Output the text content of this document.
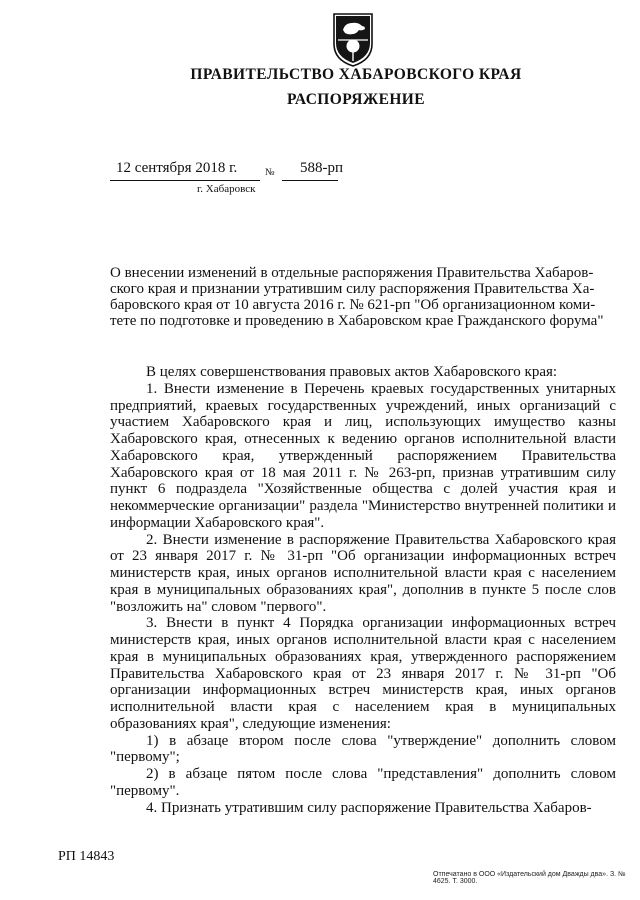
ПРАВИТЕЛЬСТВО ХАБАРОВСКОГО КРАЯ
РАСПОРЯЖЕНИЕ
12 сентября 2018 г.	№ 588-рп
г. Хабаровск
О внесении изменений в отдельные распоряжения Правительства Хабаров-
ского края и признании утратившим силу распоряжения Правительства Ха-
баровского края от 10 августа 2016 г. № 621-рп "Об организационном коми-
тете по подготовке и проведению в Хабаровском крае Гражданского форума"

В целях совершенствования правовых актов Хабаровского края:

1. Внести изменение в Перечень краевых государственных унитарных предприятий, краевых государственных учреждений, иных организаций с участием Хабаровского края и лиц, использующих имущество казны Хабаровского края, отнесенных к ведению органов исполнительной власти Хабаровского края, утвержденный распоряжением Правительства Хабаровского края от 18 мая 2011 г. № 263-рп, признав утратившим силу пункт 6 подраздела "Хозяйственные общества с долей участия края и некоммерческие организации" раздела "Министерство внутренней политики и информации Хабаровского края".

2. Внести изменение в распоряжение Правительства Хабаровского края от 23 января 2017 г. № 31-рп "Об организации информационных встреч министерств края, иных органов исполнительной власти края с населением края в муниципальных образованиях края", дополнив в пункте 5 после слов "возложить на" словом "первого".

3. Внести в пункт 4 Порядка организации информационных встреч министерств края, иных органов исполнительной власти края с населением края в муниципальных образованиях края, утвержденного распоряжением Правительства Хабаровского края от 23 января 2017 г. № 31-рп "Об организации информационных встреч министерств края, иных органов исполнительной власти края с населением края в муниципальных образованиях края", следующие изменения:

1) в абзаце втором после слова "утверждение" дополнить словом "первому";

2) в абзаце пятом после слова "представления" дополнить словом "первому".

4. Признать утратившим силу распоряжение Правительства Хабаров-

РП 14843
Отпечатано в ООО «Издательский дом Дважды два». З. № 4625. Т. 3000.
